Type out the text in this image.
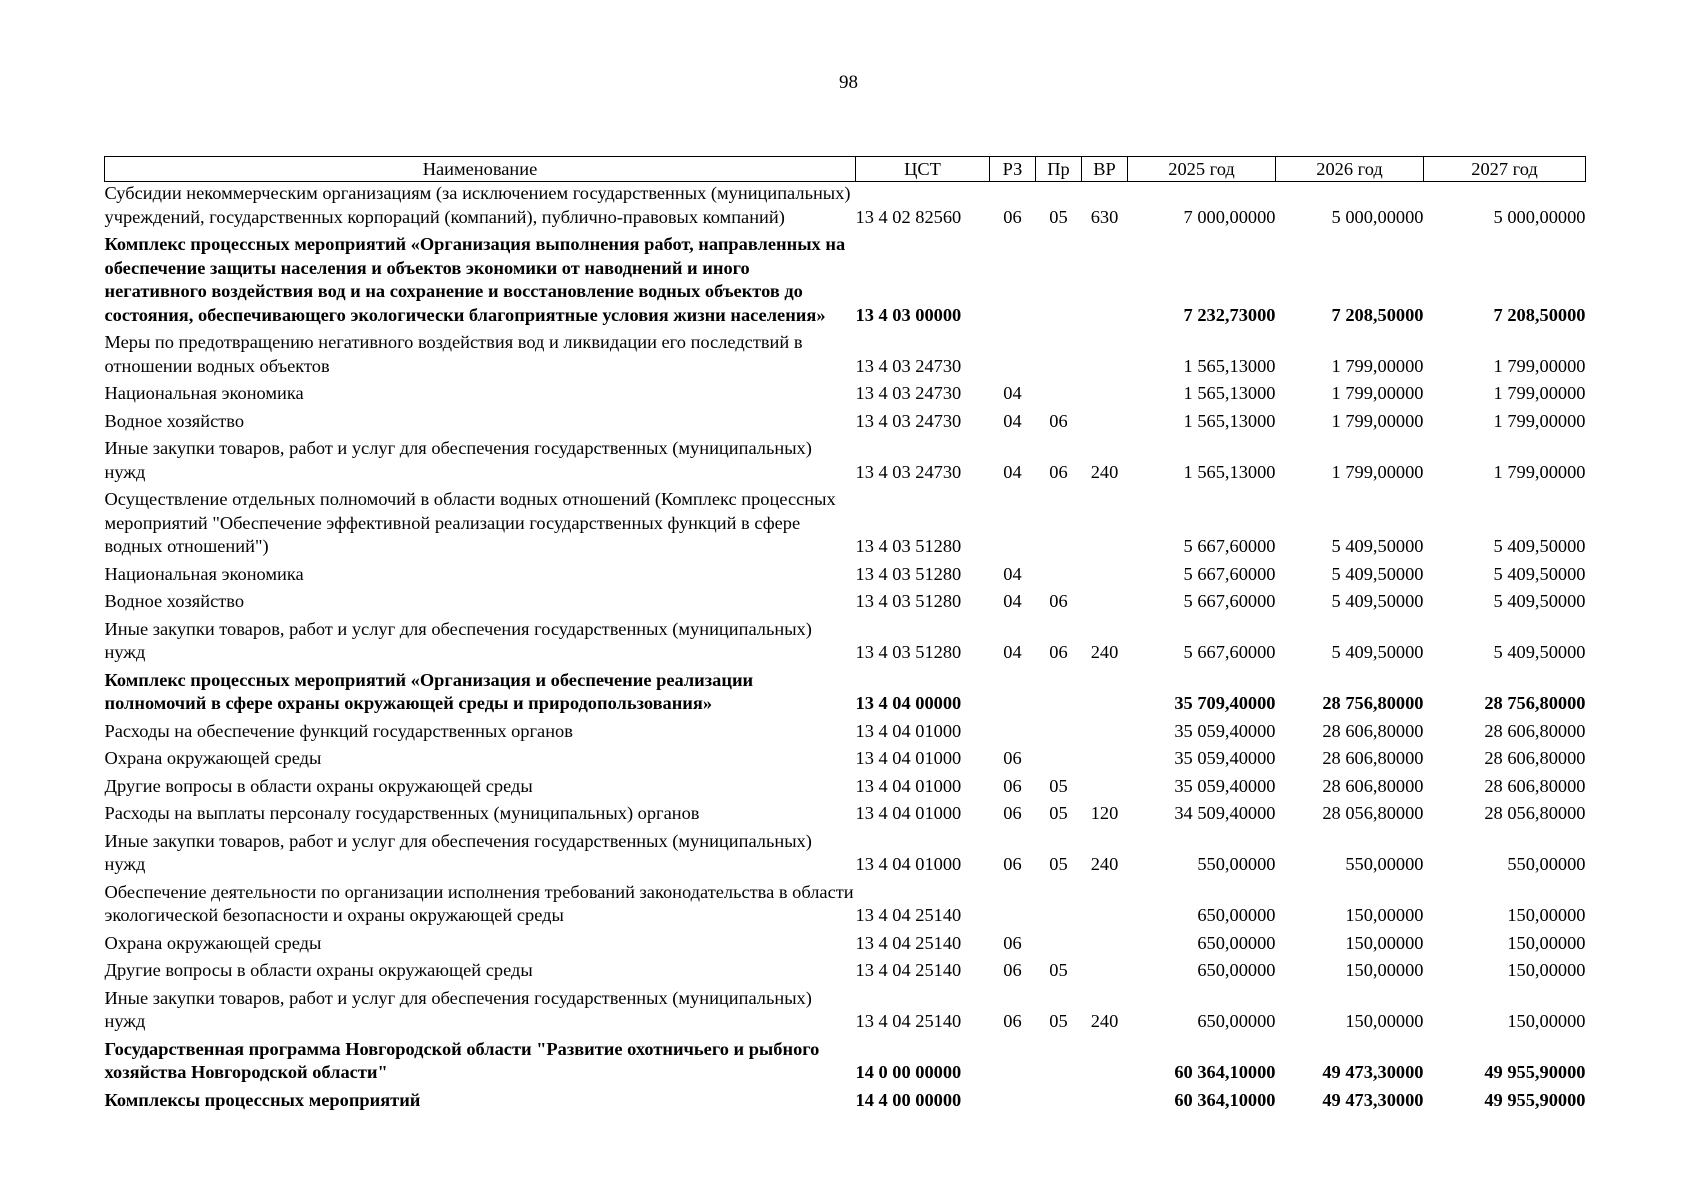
98
Наименование	ЦСТ	РЗ	Пр	ВР	2025 год	2026 год	2027 год
Субсидии некоммерческим организациям (за исключением государственных (муниципальных) учреждений, государственных корпораций (компаний), публично-правовых компаний)	13 4 02 82560	06	05	630	7 000,00000	5 000,00000	5 000,00000
Комплекс процессных мероприятий «Организация выполнения работ, направленных на обеспечение защиты населения и объектов экономики от наводнений и иного негативного воздействия вод и на сохранение и восстановление водных объектов до состояния, обеспечивающего экологически благоприятные условия жизни населения»	13 4 03 00000				7 232,73000	7 208,50000	7 208,50000
Меры по предотвращению негативного воздействия вод и ликвидации его последствий в отношении водных объектов	13 4 03 24730				1 565,13000	1 799,00000	1 799,00000
Национальная экономика	13 4 03 24730	04			1 565,13000	1 799,00000	1 799,00000
Водное хозяйство	13 4 03 24730	04	06		1 565,13000	1 799,00000	1 799,00000
Иные закупки товаров, работ и услуг для обеспечения государственных (муниципальных) нужд	13 4 03 24730	04	06	240	1 565,13000	1 799,00000	1 799,00000
Осуществление отдельных полномочий в области водных отношений (Комплекс процессных мероприятий "Обеспечение эффективной реализации государственных функций в сфере водных отношений")	13 4 03 51280				5 667,60000	5 409,50000	5 409,50000
Национальная экономика	13 4 03 51280	04			5 667,60000	5 409,50000	5 409,50000
Водное хозяйство	13 4 03 51280	04	06		5 667,60000	5 409,50000	5 409,50000
Иные закупки товаров, работ и услуг для обеспечения государственных (муниципальных) нужд	13 4 03 51280	04	06	240	5 667,60000	5 409,50000	5 409,50000
Комплекс процессных мероприятий «Организация и обеспечение реализации полномочий в сфере охраны окружающей среды и природопользования»	13 4 04 00000				35 709,40000	28 756,80000	28 756,80000
Расходы на обеспечение функций государственных органов	13 4 04 01000				35 059,40000	28 606,80000	28 606,80000
Охрана окружающей среды	13 4 04 01000	06			35 059,40000	28 606,80000	28 606,80000
Другие вопросы в области охраны окружающей среды	13 4 04 01000	06	05		35 059,40000	28 606,80000	28 606,80000
Расходы на выплаты персоналу государственных (муниципальных) органов	13 4 04 01000	06	05	120	34 509,40000	28 056,80000	28 056,80000
Иные закупки товаров, работ и услуг для обеспечения государственных (муниципальных) нужд	13 4 04 01000	06	05	240	550,00000	550,00000	550,00000
Обеспечение деятельности по организации исполнения требований законодательства в области экологической безопасности и охраны окружающей среды	13 4 04 25140				650,00000	150,00000	150,00000
Охрана окружающей среды	13 4 04 25140	06			650,00000	150,00000	150,00000
Другие вопросы в области охраны окружающей среды	13 4 04 25140	06	05		650,00000	150,00000	150,00000
Иные закупки товаров, работ и услуг для обеспечения государственных (муниципальных) нужд	13 4 04 25140	06	05	240	650,00000	150,00000	150,00000
Государственная программа Новгородской области "Развитие охотничьего и рыбного хозяйства Новгородской области"	14 0 00 00000				60 364,10000	49 473,30000	49 955,90000
Комплексы процессных мероприятий	14 4 00 00000				60 364,10000	49 473,30000	49 955,90000
